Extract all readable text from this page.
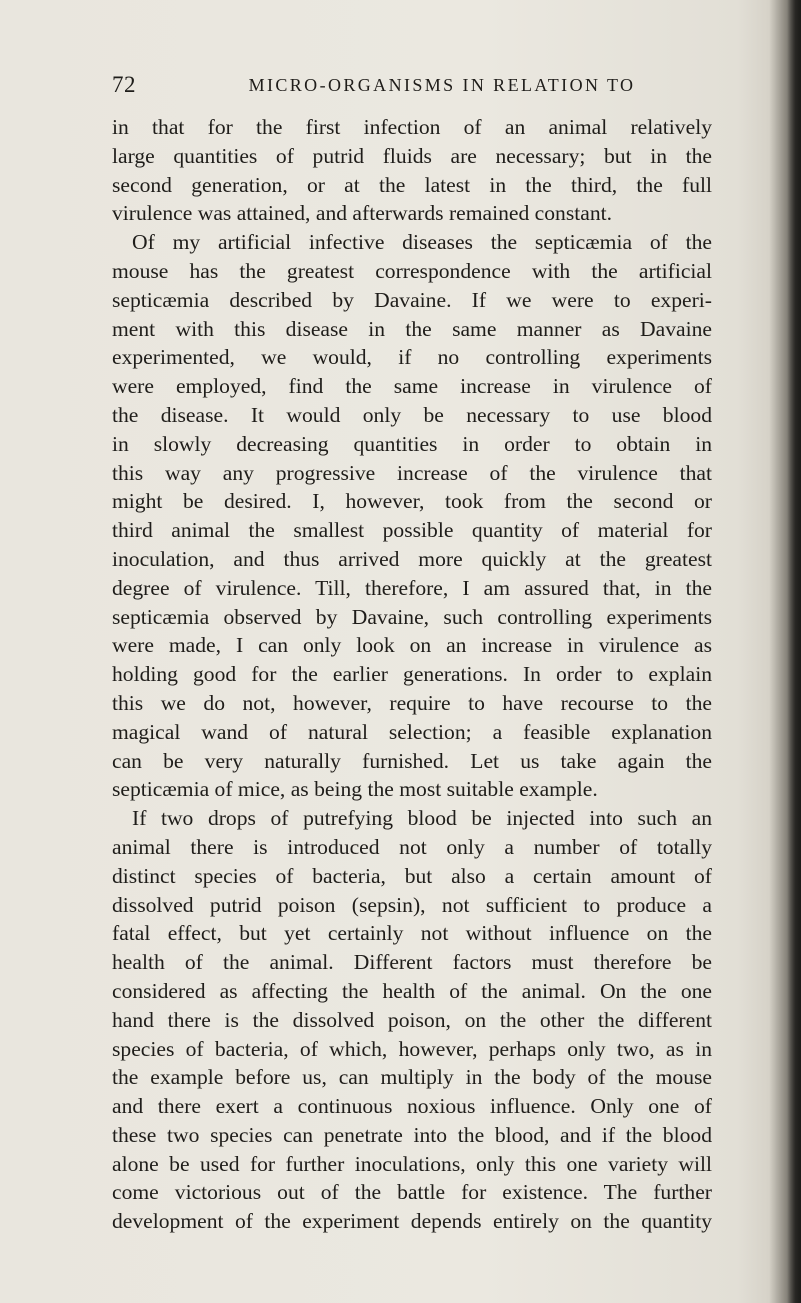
72	MICRO-ORGANISMS IN RELATION TO
in that for the first infection of an animal relatively
large quantities of putrid fluids are necessary; but in the
second generation, or at the latest in the third, the full
virulence was attained, and afterwards remained constant.
Of my artificial infective diseases the septicæmia of the
mouse has the greatest correspondence with the artificial
septicæmia described by Davaine. If we were to experi-
ment with this disease in the same manner as Davaine
experimented, we would, if no controlling experiments
were employed, find the same increase in virulence of
the disease. It would only be necessary to use blood
in slowly decreasing quantities in order to obtain in
this way any progressive increase of the virulence that
might be desired. I, however, took from the second or
third animal the smallest possible quantity of material for
inoculation, and thus arrived more quickly at the greatest
degree of virulence. Till, therefore, I am assured that, in the
septicæmia observed by Davaine, such controlling experiments
were made, I can only look on an increase in virulence as
holding good for the earlier generations. In order to explain
this we do not, however, require to have recourse to the
magical wand of natural selection; a feasible explanation
can be very naturally furnished. Let us take again the
septicæmia of mice, as being the most suitable example.
If two drops of putrefying blood be injected into such an
animal there is introduced not only a number of totally
distinct species of bacteria, but also a certain amount of
dissolved putrid poison (sepsin), not sufficient to produce a
fatal effect, but yet certainly not without influence on the
health of the animal. Different factors must therefore be
considered as affecting the health of the animal. On the one
hand there is the dissolved poison, on the other the different
species of bacteria, of which, however, perhaps only two, as in
the example before us, can multiply in the body of the mouse
and there exert a continuous noxious influence. Only one of
these two species can penetrate into the blood, and if the blood
alone be used for further inoculations, only this one variety will
come victorious out of the battle for existence. The further
development of the experiment depends entirely on the quantity
